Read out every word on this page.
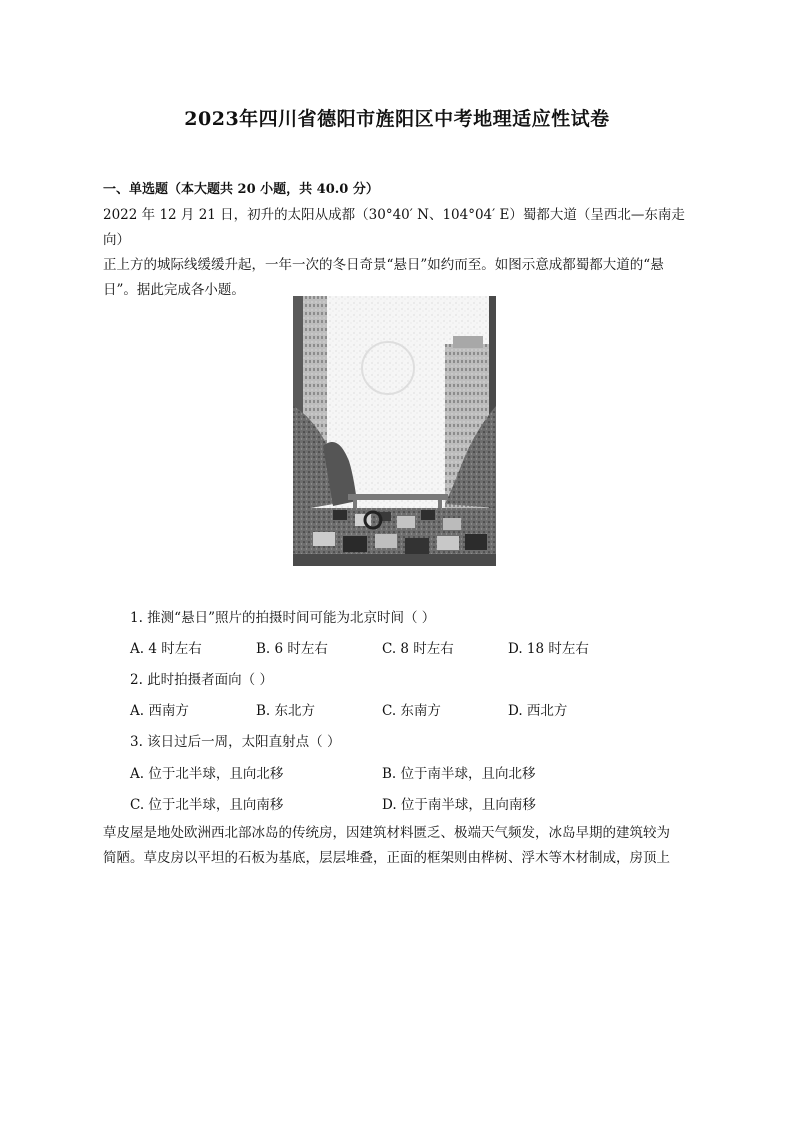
2023年四川省德阳市旌阳区中考地理适应性试卷
一、单选题（本大题共 20 小题，共 40.0 分）
2022 年 12 月 21 日，初升的太阳从成都（30°40′ N、104°04′ E）蜀都大道（呈西北—东南走向）
正上方的城际线缓缓升起，一年一次的冬日奇景“悬日”如约而至。如图示意成都蜀都大道的“悬
日”。据此完成各小题。
1. 推测“悬日”照片的拍摄时间可能为北京时间（ ）
A. 4 时左右	B. 6 时左右	C. 8 时左右	D. 18 时左右
2. 此时拍摄者面向（ ）
A. 西南方	B. 东北方	C. 东南方	D. 西北方
3. 该日过后一周，太阳直射点（ ）
A. 位于北半球，且向北移	B. 位于南半球，且向北移
C. 位于北半球，且向南移	D. 位于南半球，且向南移
草皮屋是地处欧洲西北部冰岛的传统房，因建筑材料匮乏、极端天气频发，冰岛早期的建筑较为
简陋。草皮房以平坦的石板为基底，层层堆叠，正面的框架则由桦树、浮木等木材制成，房顶上
